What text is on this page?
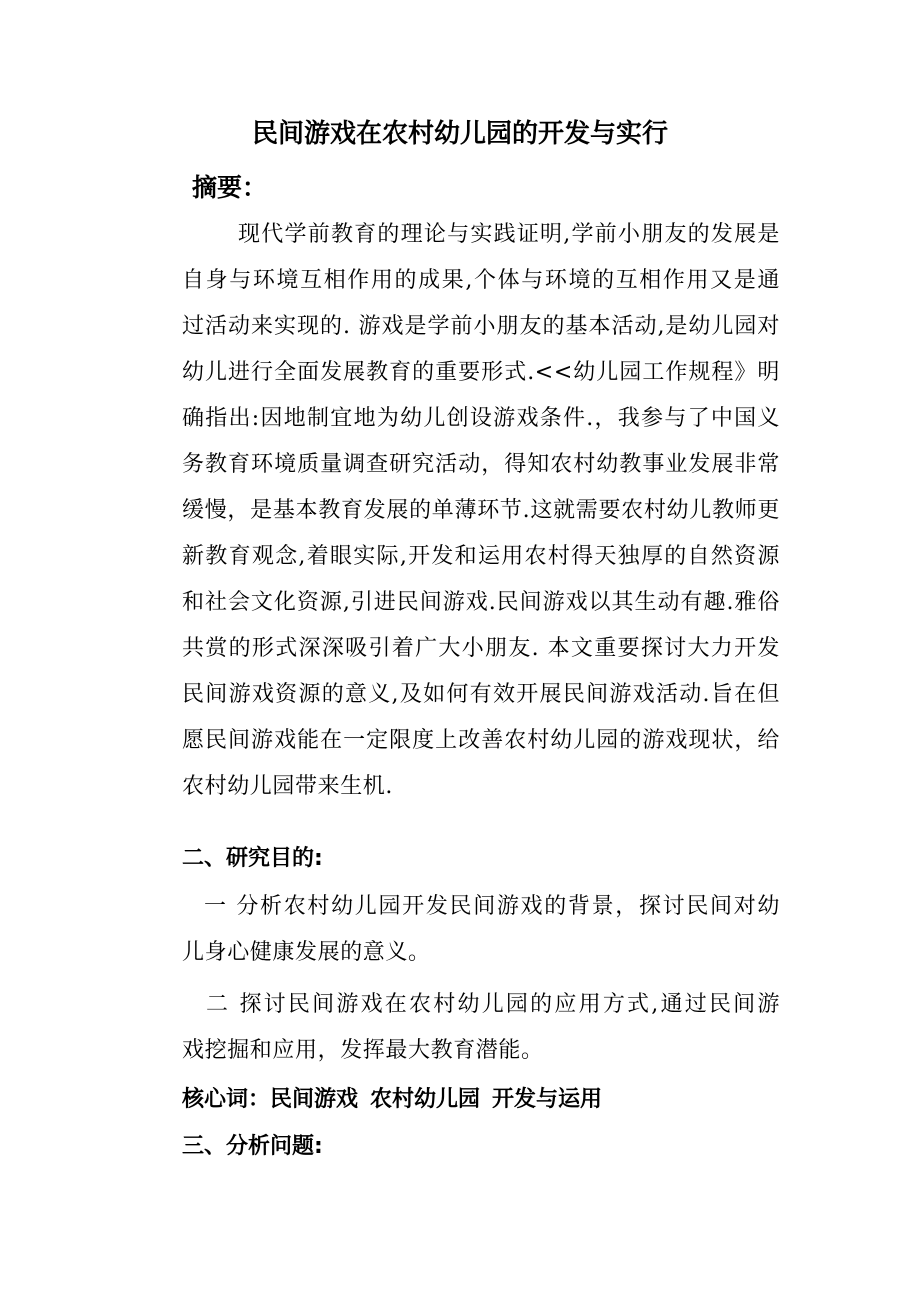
民间游戏在农村幼儿园的开发与实行
摘要：
现代学前教育的理论与实践证明,学前小朋友的发展是
自身与环境互相作用的成果,个体与环境的互相作用又是通
过活动来实现的. 游戏是学前小朋友的基本活动,是幼儿园对
幼儿进行全面发展教育的重要形式.<<幼儿园工作规程》明
确指出:因地制宜地为幼儿创设游戏条件.，我参与了中国义
务教育环境质量调查研究活动，得知农村幼教事业发展非常
缓慢，是基本教育发展的单薄环节.这就需要农村幼儿教师更
新教育观念,着眼实际,开发和运用农村得天独厚的自然资源
和社会文化资源,引进民间游戏.民间游戏以其生动有趣.雅俗
共赏的形式深深吸引着广大小朋友. 本文重要探讨大力开发
民间游戏资源的意义,及如何有效开展民间游戏活动.旨在但
愿民间游戏能在一定限度上改善农村幼儿园的游戏现状，给
农村幼儿园带来生机.
二、研究目的:
一 分析农村幼儿园开发民间游戏的背景，探讨民间对幼
儿身心健康发展的意义。
二 探讨民间游戏在农村幼儿园的应用方式,通过民间游
戏挖掘和应用，发挥最大教育潜能。
核心词：民间游戏 农村幼儿园 开发与运用
三、分析问题:
